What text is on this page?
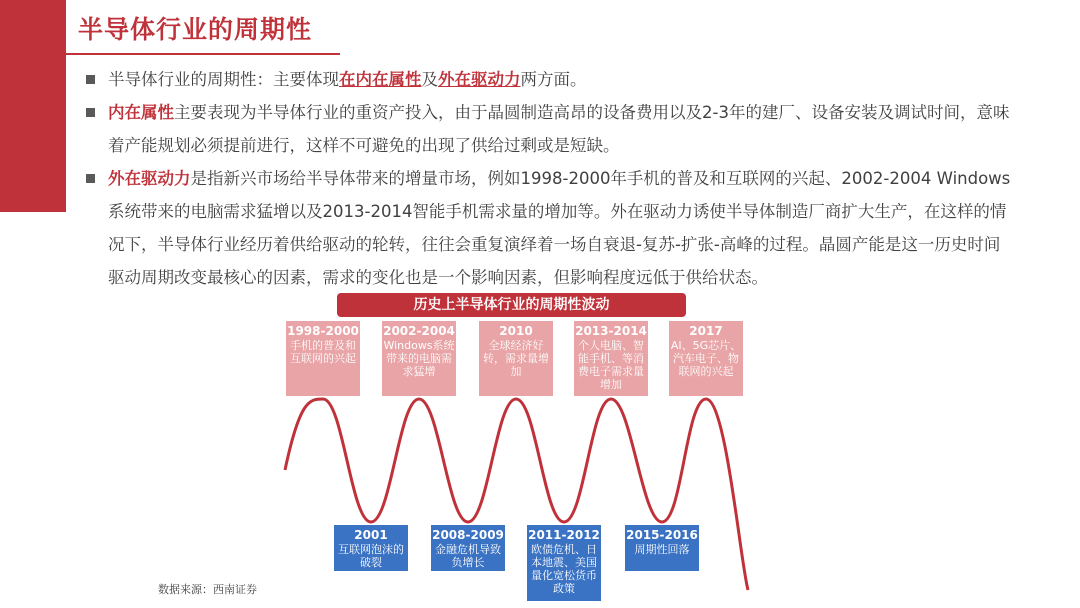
半导体行业的周期性
半导体行业的周期性：主要体现在内在属性及外在驱动力两方面。
内在属性主要表现为半导体行业的重资产投入，由于晶圆制造高昂的设备费用以及2-3年的建厂、设备安装及调试时间，意味着产能规划必须提前进行，这样不可避免的出现了供给过剩或是短缺。
外在驱动力是指新兴市场给半导体带来的增量市场，例如1998-2000年手机的普及和互联网的兴起、2002-2004 Windows系统带来的电脑需求猛增以及2013-2014智能手机需求量的增加等。外在驱动力诱使半导体制造厂商扩大生产，在这样的情况下，半导体行业经历着供给驱动的轮转，往往会重复演绎着一场自衰退-复苏-扩张-高峰的过程。晶圆产能是这一历史时间驱动周期改变最核心的因素，需求的变化也是一个影响因素，但影响程度远低于供给状态。
历史上半导体行业的周期性波动
1998-2000
手机的普及和互联网的兴起
2002-2004
Windows系统带来的电脑需求猛增
2010
全球经济好转，需求量增加
2013-2014
个人电脑、智能手机、等消费电子需求量增加
2017
AI、5G芯片、汽车电子、物联网的兴起
2001
互联网泡沫的破裂
2008-2009
金融危机导致负增长
2011-2012
欧债危机、日本地震、美国量化宽松货币政策
2015-2016
周期性回落
数据来源：西南证券
